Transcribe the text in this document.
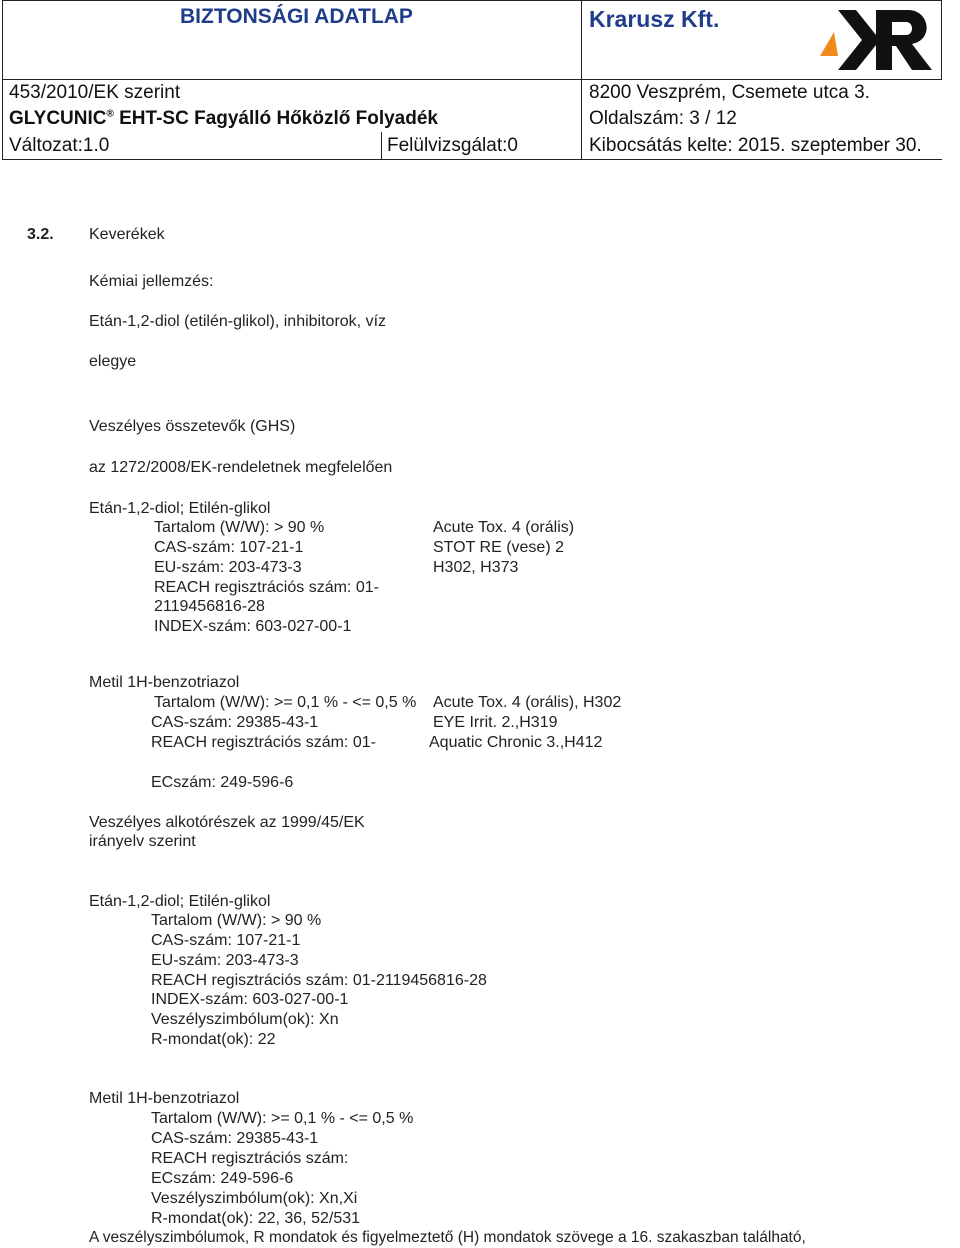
BIZTONSÁGI ADATLAP	Krarusz Kft.
453/2010/EK szerint	8200 Veszprém, Csemete utca 3.
GLYCUNIC® EHT-SC Fagyálló Hőközlő Folyadék	Oldalszám: 3 / 12
Változat:1.0	Felülvizsgálat:0	Kibocsátás kelte: 2015. szeptember 30.
3.2. Keverékek
Kémiai jellemzés:
Etán-1,2-diol (etilén-glikol), inhibitorok, víz
elegye
Veszélyes összetevők (GHS)
az 1272/2008/EK-rendeletnek megfelelően
Etán-1,2-diol; Etilén-glikol
Tartalom (W/W): > 90 %
CAS-szám: 107-21-1
EU-szám: 203-473-3
REACH regisztrációs szám: 01-
2119456816-28
INDEX-szám: 603-027-00-1
Acute Tox. 4 (orális)
STOT RE (vese) 2
H302, H373
Metil 1H-benzotriazol
Tartalom (W/W): >= 0,1 % - <= 0,5 %
CAS-szám: 29385-43-1
REACH regisztrációs szám: 01-
ECszám: 249-596-6
Acute Tox. 4 (orális), H302
EYE Irrit. 2.,H319
Aquatic Chronic 3.,H412
Veszélyes alkotórészek az 1999/45/EK
irányelv szerint
Etán-1,2-diol; Etilén-glikol
Tartalom (W/W): > 90 %
CAS-szám: 107-21-1
EU-szám: 203-473-3
REACH regisztrációs szám: 01-2119456816-28
INDEX-szám: 603-027-00-1
Veszélyszimbólum(ok): Xn
R-mondat(ok): 22
Metil 1H-benzotriazol
Tartalom (W/W): >= 0,1 % - <= 0,5 %
CAS-szám: 29385-43-1
REACH regisztrációs szám:
ECszám: 249-596-6
Veszélyszimbólum(ok): Xn,Xi
R-mondat(ok): 22, 36, 52/531
A veszélyszimbólumok, R mondatok és figyelmeztető (H) mondatok szövege a 16. szakaszban található,
